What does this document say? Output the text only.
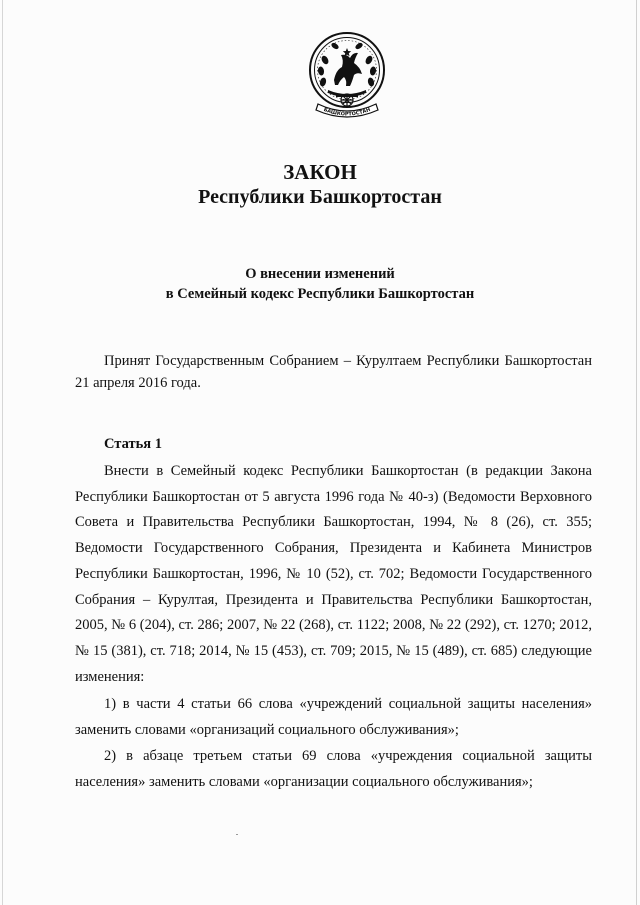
БАШКОРТОСТАН
ЗАКОН
Республики Башкортостан
О внесении изменений
в Семейный кодекс Республики Башкортостан
Принят Государственным Собранием – Курултаем Республики Башкортостан 21 апреля 2016 года.
Статья 1
Внести в Семейный кодекс Республики Башкортостан (в редакции Закона Республики Башкортостан от 5 августа 1996 года № 40-з) (Ведомости Верховного Совета и Правительства Республики Башкортостан, 1994, № 8 (26), ст. 355; Ведомости Государственного Собрания, Президента и Кабинета Министров Республики Башкортостан, 1996, № 10 (52), ст. 702; Ведомости Государственного Собрания – Курултая, Президента и Правительства Республики Башкортостан, 2005, № 6 (204), ст. 286; 2007, № 22 (268), ст. 1122; 2008, № 22 (292), ст. 1270; 2012, № 15 (381), ст. 718; 2014, № 15 (453), ст. 709; 2015, № 15 (489), ст. 685) следующие изменения:
1) в части 4 статьи 66 слова «учреждений социальной защиты населения» заменить словами «организаций социального обслуживания»;
2) в абзаце третьем статьи 69 слова «учреждения социальной защиты населения» заменить словами «организации социального обслуживания»;
